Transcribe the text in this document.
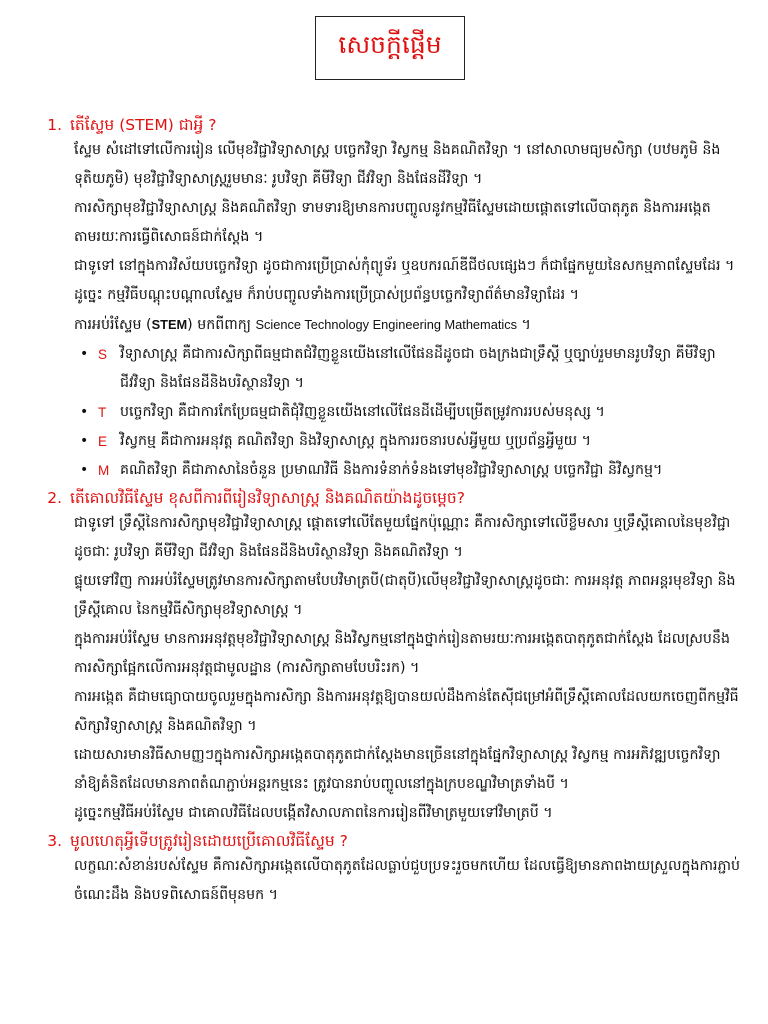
សេចក្តីផ្តើម
1. តើស្ទែម (STEM) ជាអ្វី ?

ស្ទែម សំដៅទៅលើការរៀន លើមុខវិជ្ជាវិទ្យាសាស្ត្រ បច្ចេកវិទ្យា វិស្វកម្ម និងគណិតវិទ្យា ។ នៅសាលាមធ្យមសិក្សា (បឋមភូមិ និងទុតិយភូមិ) មុខវិជ្ជាវិទ្យាសាស្ត្ររួមមានៈ រូបវិទ្យា គីមីវិទ្យា ជីវវិទ្យា និងផែនដីវិទ្យា ។

ការសិក្សាមុខវិជ្ជាវិទ្យាសាស្ត្រ និងគណិតវិទ្យា ទាមទារឱ្យមានការបញ្ចូលនូវកម្មវិធីស្ទែមដោយផ្តោតទៅលើបាតុភូត និងការអង្កេតតាមរយៈការធ្វើពិសោធន៍ជាក់ស្តែង ។

ជាទូទៅ នៅក្នុងការវិស័យបច្ចេកវិទ្យា ដូចជាការប្រើប្រាស់កុំព្យូទ័រ ឬឧបករណ៍ឌីជីថលផ្សេងៗ ក៏ជាផ្នែកមួយនៃសកម្មភាពស្ទែមដែរ ។ ដូច្នេះ កម្មវិធីបណ្តុះបណ្តាលស្ទែម ក៏រាប់បញ្ចូលទាំងការប្រើប្រាស់ប្រព័ន្ធបច្ចេកវិទ្យាព័ត៌មានវិទ្យាដែរ ។

ការអប់រំស្ទែម (STEM) មកពីពាក្យ Science Technology Engineering Mathematics ។

• S វិទ្យាសាស្ត្រ គឺជាការសិក្សាពីធម្មជាតជំវិញខ្លួនយើងនៅលើផែនដីដូចជា ចងក្រងជាទ្រឹស្តី ឬច្បាប់រួមមានរូបវិទ្យា គីមីវិទ្យា ជីវវិទ្យា និងផែនដីនិងបរិស្ថានវិទ្យា ។
• T បច្ចេកវិទ្យា គឺជាការកែប្រែធម្មជាតិជុំវិញខ្លួនយើងនៅលើផែនដីដើម្បីបម្រើតម្រូវការរបស់មនុស្ស ។
• E វិស្វកម្ម គឺជាការអនុវត្ត គណិតវិទ្យា និងវិទ្យាសាស្ត្រ ក្នុងការរចនារបស់អ្វីមួយ ឬប្រព័ន្ធអ្វីមួយ ។
• M គណិតវិទ្យា គឺជាភាសានៃចំនួន ប្រមាណវិធី និងការទំនាក់ទំនងទៅមុខវិជ្ជាវិទ្យាសាស្ត្រ បច្ចេកវិជ្ជា និវិស្វកម្ម។
2. តើគោលវិធីស្ទែម ខុសពីការពីរៀនវិទ្យាសាស្ត្រ និងគណិតយ៉ាងដូចម្តេច?

ជាទូទៅ ទ្រឹស្តីនៃការសិក្សាមុខវិជ្ជាវិទ្យាសាស្ត្រ ផ្តោតទៅលើតែមួយផ្នែកប៉ុណ្ណោះ គឺការសិក្សាទៅលើខ្លឹមសារ ឬទ្រឹស្តីគោលនៃមុខវិជ្ជាដូចជាៈ រូបវិទ្យា គីមីវិទ្យា ជីវវិទ្យា និងផែនដីនិងបរិស្ថានវិទ្យា និងគណិតវិទ្យា ។

ផ្ទុយទៅវិញ ការអប់រំស្ទែមត្រូវមានការសិក្សាតាមបែបវិមាត្របី(ជាតុបី)លើមុខវិជ្ជាវិទ្យាសាស្ត្រដូចជាៈ ការអនុវត្ត ភាពអន្តរមុខវិទ្យា និងទ្រឹស្តីគោល នៃកម្មវិធីសិក្សាមុខវិទ្យាសាស្ត្រ ។

ក្នុងការអប់រំស្ទែម មានការអនុវត្តមុខវិជ្ជាវិទ្យាសាស្ត្រ និងវិស្វកម្មនៅក្នុងថ្នាក់រៀនតាមរយៈការអង្កេតបាតុភូតជាក់ស្តែង ដែលស្របនឹងការសិក្សាផ្អែកលើការអនុវត្តជាមូលដ្ឋាន (ការសិក្សាតាមបែបរិះរក) ។

ការអង្កេត គឺជាមធ្យោបាយចូលរួមក្នុងការសិក្សា និងការអនុវត្តឱ្យបានយល់ដឹងកាន់តែស៊ីជម្រៅអំពីទ្រឹស្តីគោលដែលយកចេញពីកម្មវិធីសិក្សាវិទ្យាសាស្ត្រ និងគណិតវិទ្យា ។

ដោយសារមានវិធីសាមញ្ញៗក្នុងការសិក្សាអង្កេតបាតុភូតជាក់ស្តែងមានច្រើននៅក្នុងផ្នែកវិទ្យាសាស្ត្រ វិស្វកម្ម ការអភិវឌ្ឍបច្ចេកវិទ្យា នាំឱ្យគំនិតដែលមានភាពតំណភ្ជាប់អន្តរកម្មនេះ ត្រូវបានរាប់បញ្ចូលនៅក្នុងក្របខណ្ឌវិមាត្រទាំងបី ។

ដូច្នេះកម្មវិធីអប់រំស្ទែម ជាគោលវិធីដែលបង្កើតវិសាលភាពនៃការរៀនពីវិមាត្រមួយទៅវិមាត្របី ។

3. មូលហេតុអ្វីទើបត្រូវរៀនដោយប្រើគោលវិធីស្ទែម ?

លក្ខណៈសំខាន់របស់ស្ទែម គឺការសិក្សាអង្កេតលើបាតុភូតដែលធ្លាប់ជួបប្រទះរួចមកហើយ ដែលធ្វើឱ្យមានភាពងាយស្រួលក្នុងការភ្ជាប់ចំណេះដឹង និងបទពិសោធន៍ពីមុនមក ។
